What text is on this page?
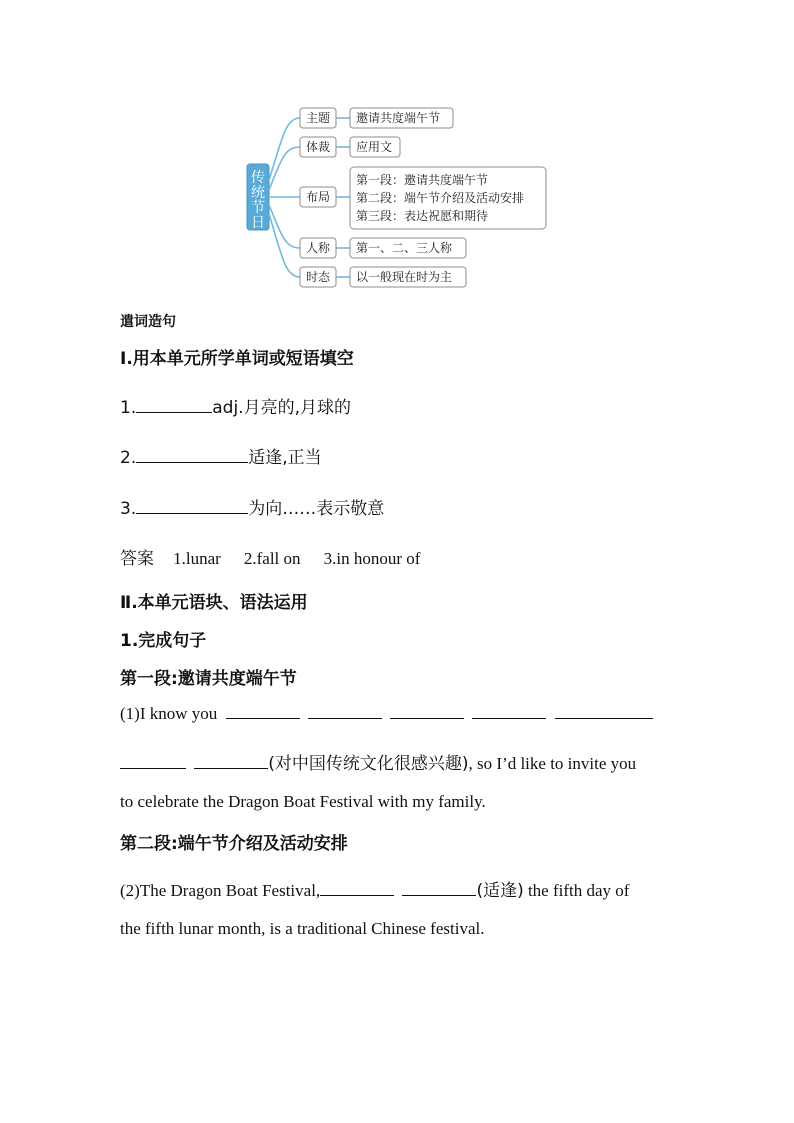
传
统
节
日
主题
体裁
布局
人称
时态
邀请共度端午节
应用文
第一段：邀请共度端午节
第二段：端午节介绍及活动安排
第三段：表达祝愿和期待
第一、二、三人称
以一般现在时为主
遣词造句
Ⅰ.用本单元所学单词或短语填空
1.	adj.月亮的,月球的
2.	适逢,正当
3.	为向……表示敬意
答案 1.lunar 2.fall on 3.in honour of
Ⅱ.本单元语块、语法运用
1.完成句子
第一段:邀请共度端午节
(1)I know you
(对中国传统文化很感兴趣), so I’d like to invite you
to celebrate the Dragon Boat Festival with my family.
第二段:端午节介绍及活动安排
(2)The Dragon Boat Festival,	(适逢) the fifth day of
the fifth lunar month, is a traditional Chinese festival.
